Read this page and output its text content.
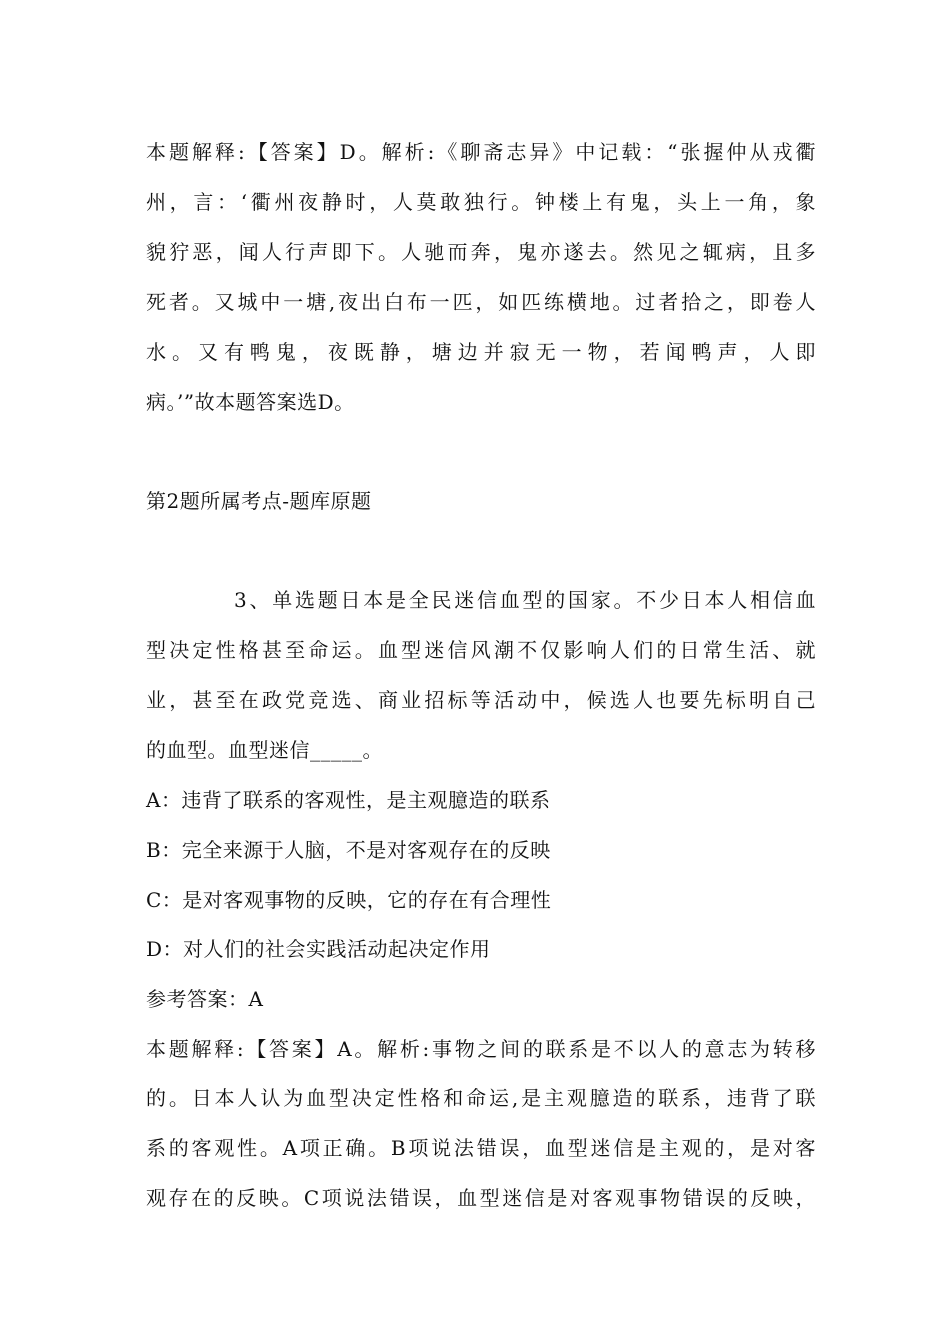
本题解释:【答案】D。解析:《聊斋志异》中记载：“张握仲从戎衢
州，言：‘衢州夜静时，人莫敢独行。钟楼上有鬼，头上一角，象
貌狞恶，闻人行声即下。人驰而奔，鬼亦遂去。然见之辄病，且多
死者。又城中一塘,夜出白布一匹，如匹练横地。过者拾之，即卷人
水。又有鸭鬼，夜既静，塘边并寂无一物，若闻鸭声，人即
病。’”故本题答案选D。
第2题所属考点-题库原题
3、单选题日本是全民迷信血型的国家。不少日本人相信血
型决定性格甚至命运。血型迷信风潮不仅影响人们的日常生活、就
业，甚至在政党竞选、商业招标等活动中，候选人也要先标明自己
的血型。血型迷信_____。
A：违背了联系的客观性，是主观臆造的联系
B：完全来源于人脑，不是对客观存在的反映
C：是对客观事物的反映，它的存在有合理性
D：对人们的社会实践活动起决定作用
参考答案：A
本题解释:【答案】A。解析:事物之间的联系是不以人的意志为转移
的。日本人认为血型决定性格和命运,是主观臆造的联系，违背了联
系的客观性。A项正确。B项说法错误，血型迷信是主观的，是对客
观存在的反映。C项说法错误，血型迷信是对客观事物错误的反映，
